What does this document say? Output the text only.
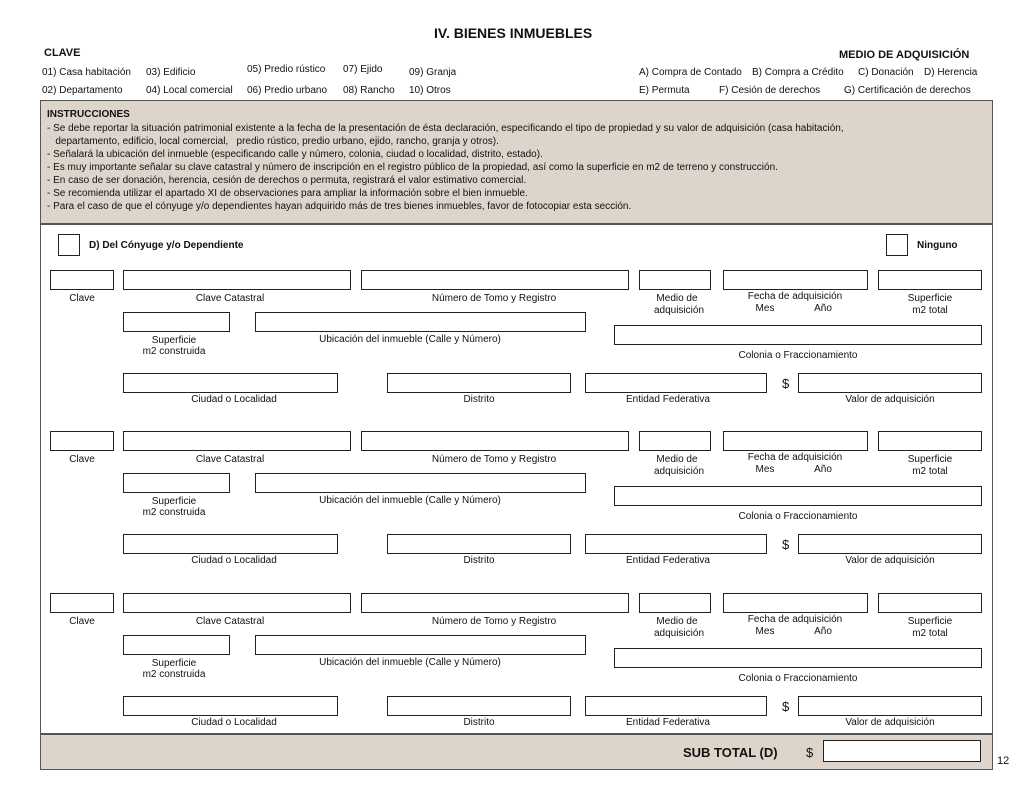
IV. BIENES INMUEBLES
CLAVE
01) Casa habitación 03) Edificio	05) Predio rústico 07) Ejido	09) Granja
02) Departamento 04) Local comercial 06) Predio urbano 08) Rancho 10) Otros
MEDIO DE ADQUISICIÓN
A) Compra de Contado B) Compra a Crédito C) Donación D) Herencia
E) Permuta	F) Cesión de derechos G) Certificación de derechos
INSTRUCCIONES
- Se debe reportar la situación patrimonial existente a la fecha de la presentación de ésta declaración, especificando el tipo de propiedad y su valor de adquisición (casa habitación,
departamento, edificio, local comercial,   predio rústico, predio urbano, ejido, rancho, granja y otros).
- Señalará la ubicación del inmueble (especificando calle y número, colonia, ciudad o localidad, distrito, estado).
- Es muy importante señalar su clave catastral y número de inscripción en el registro público de la propiedad, así como la superficie en m2 de terreno y construcción.
- En caso de ser donación, herencia, cesión de derechos o permuta, registrará el valor estimativo comercial.
- Se recomienda utilizar el apartado XI de observaciones para ampliar la información sobre el bien inmueble.
- Para el caso de que el cónyuge y/o dependientes hayan adquirido más de tres bienes inmuebles, favor de fotocopiar esta sección.
D) Del Cónyuge y/o Dependiente	Ninguno
Clave	Clave Catastral	Número de Tomo y Registro	Medio de
adquisición
Fecha de adquisición
Mes	Año
Superficie
m2 total
Superficie
m2 construida
Ubicación del inmueble (Calle y Número)
Colonia o Fraccionamiento
$
Ciudad o Localidad	Distrito	Entidad Federativa	Valor de adquisición
Clave	Clave Catastral	Número de Tomo y Registro	Medio de
adquisición
Fecha de adquisición
Mes	Año
Superficie
m2 total
Superficie
m2 construida
Ubicación del inmueble (Calle y Número)
Colonia o Fraccionamiento
$
Ciudad o Localidad	Distrito	Entidad Federativa	Valor de adquisición
Clave	Clave Catastral	Número de Tomo y Registro	Medio de
adquisición
Fecha de adquisición
Mes	Año
Superficie
m2 total
Superficie
m2 construida
Ubicación del inmueble (Calle y Número)
Colonia o Fraccionamiento
$
Ciudad o Localidad	Distrito	Entidad Federativa	Valor de adquisición
SUB TOTAL (D) $
12
